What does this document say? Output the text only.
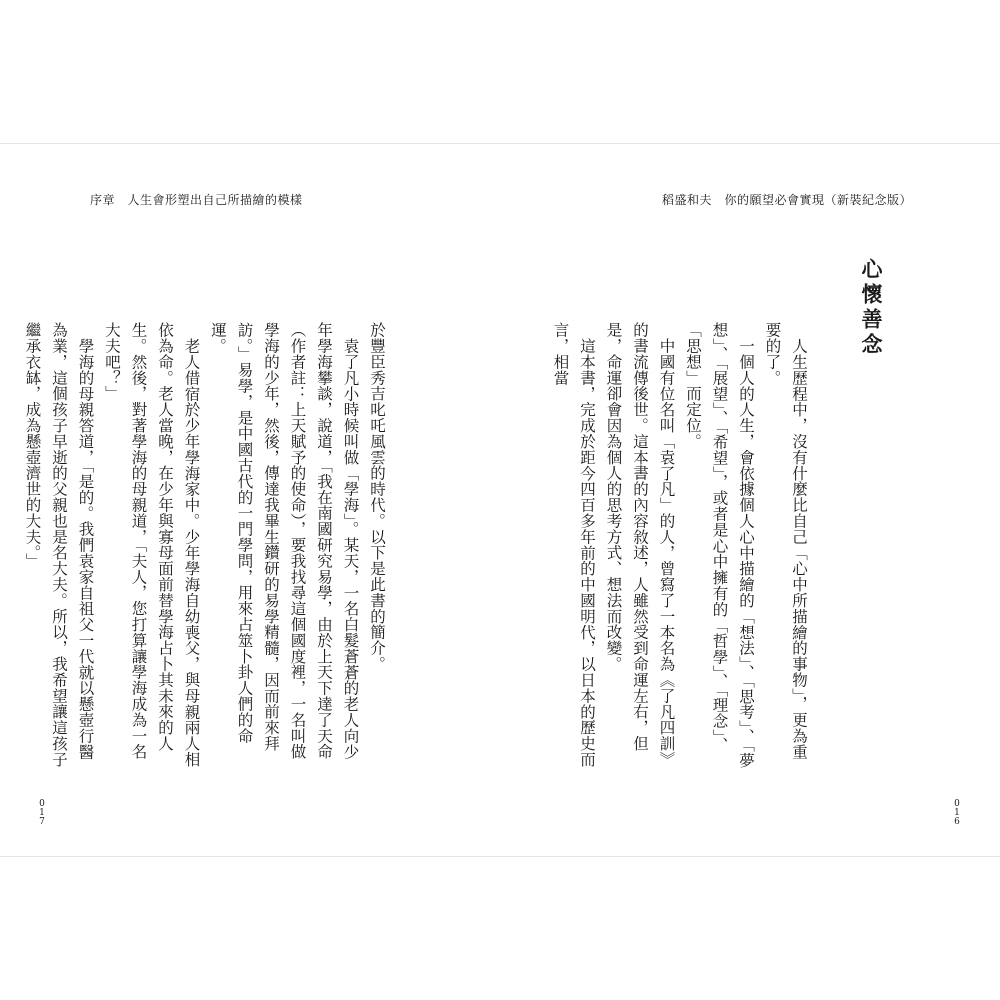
序章　人生會形塑出自己所描繪的模樣

於豐臣秀吉叱吒風雲的時代。以下是此書的簡介。

袁了凡小時候叫做「學海」。某天，一名白髮蒼蒼的老人向少年學海攀談，說道，「我在南國研究易學，由於上天下達了天命（作者註：上天賦予的使命），要我找尋這個國度裡，一名叫做學海的少年，然後，傳達我畢生鑽研的易學精髓，因而前來拜訪。」易學，是中國古代的一門學問，用來占筮卜卦人們的命運。

老人借宿於少年學海家中。少年學海自幼喪父，與母親兩人相依為命。老人當晚，在少年與寡母面前替學海占卜其未來的人生。然後，對著學海的母親道，「夫人，您打算讓學海成為一名大夫吧？」

學海的母親答道，「是的。我們袁家自祖父一代就以懸壺行醫為業，這個孩子早逝的父親也是名大夫。所以，我希望讓這孩子繼承衣缽，成為懸壺濟世的大夫。」

017
稻盛和夫　你的願望必會實現（新裝紀念版）
心懷善念

人生歷程中，沒有什麼比自己「心中所描繪的事物」，更為重要的了。

一個人的人生，會依據個人心中描繪的「想法」、「思考」、「夢想」、「展望」、「希望」，或者是心中擁有的「哲學」、「理念」、「思想」而定位。

中國有位名叫「袁了凡」的人，曾寫了一本名為《了凡四訓》的書流傳後世。這本書的內容敘述，人雖然受到命運左右，但是，命運卻會因為個人的思考方式、想法而改變。

這本書，完成於距今四百多年前的中國明代，以日本的歷史而言，相當

016
